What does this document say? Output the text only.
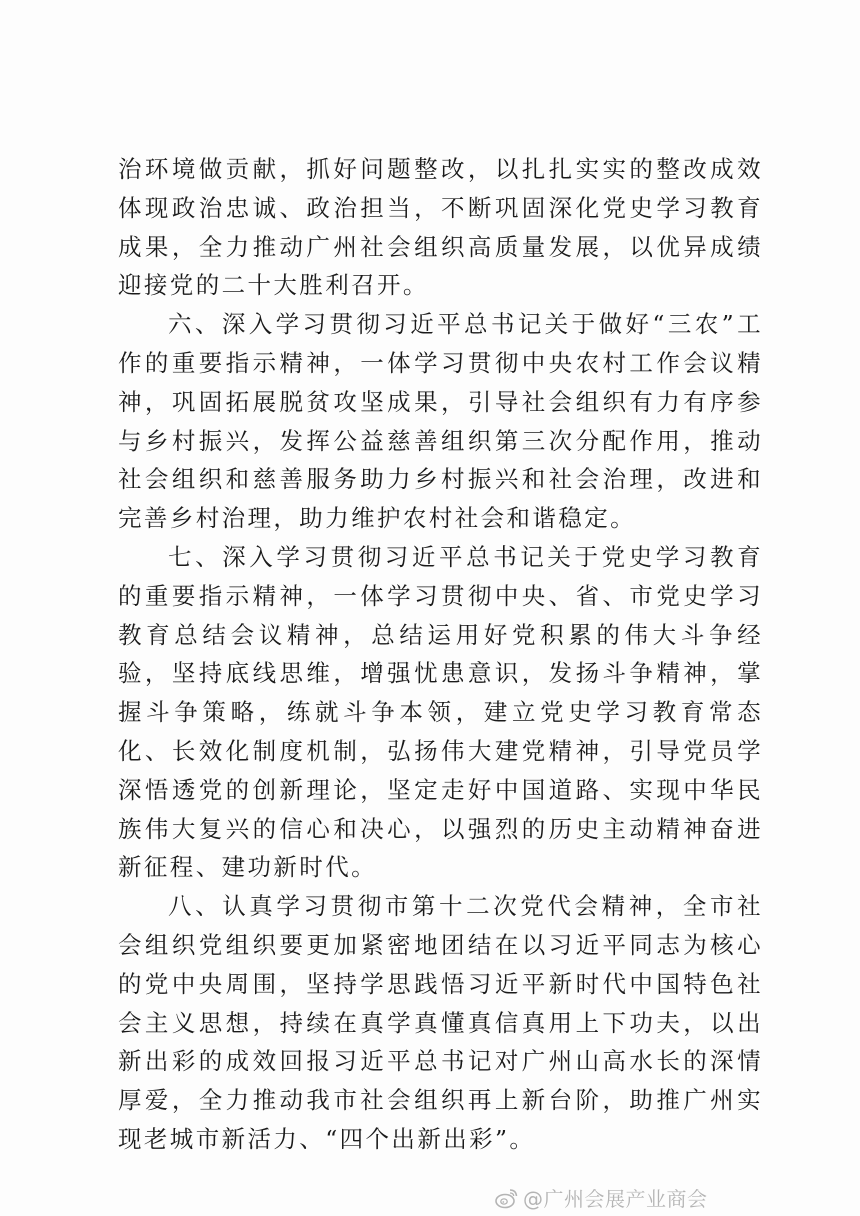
治环境做贡献，抓好问题整改，以扎扎实实的整改成效体现政治忠诚、政治担当，不断巩固深化党史学习教育成果，全力推动广州社会组织高质量发展，以优异成绩迎接党的二十大胜利召开。

六、深入学习贯彻习近平总书记关于做好“三农”工作的重要指示精神，一体学习贯彻中央农村工作会议精神，巩固拓展脱贫攻坚成果，引导社会组织有力有序参与乡村振兴，发挥公益慈善组织第三次分配作用，推动社会组织和慈善服务助力乡村振兴和社会治理，改进和完善乡村治理，助力维护农村社会和谐稳定。

七、深入学习贯彻习近平总书记关于党史学习教育的重要指示精神，一体学习贯彻中央、省、市党史学习教育总结会议精神，总结运用好党积累的伟大斗争经验，坚持底线思维，增强忧患意识，发扬斗争精神，掌握斗争策略，练就斗争本领，建立党史学习教育常态化、长效化制度机制，弘扬伟大建党精神，引导党员学深悟透党的创新理论，坚定走好中国道路、实现中华民族伟大复兴的信心和决心，以强烈的历史主动精神奋进新征程、建功新时代。

八、认真学习贯彻市第十二次党代会精神，全市社会组织党组织要更加紧密地团结在以习近平同志为核心的党中央周围，坚持学思践悟习近平新时代中国特色社会主义思想，持续在真学真懂真信真用上下功夫，以出新出彩的成效回报习近平总书记对广州山高水长的深情厚爱，全力推动我市社会组织再上新台阶，助推广州实现老城市新活力、“四个出新出彩”。

@广州会展产业商会
